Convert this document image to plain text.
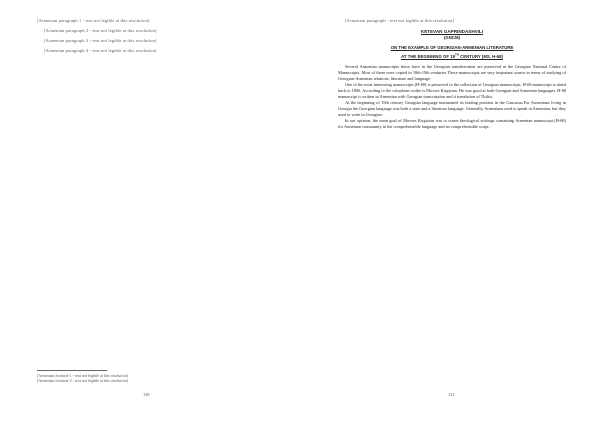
[Armenian paragraph 1 - text not legible at this resolution]

[Armenian paragraph 2 - text not legible at this resolution]

[Armenian paragraph 3 - text not legible at this resolution]

[Armenian paragraph 4 - text not legible at this resolution]

[Armenian footnote 1 - text not legible at this resolution]
[Armenian footnote 2 - text not legible at this resolution]
110

[Armenian paragraph - text not legible at this resolution]

KETEVAN GAPRINDASHVILI
(GNCM)
ON THE EXAMPLE OF GEORGIAN-ARMENIAN LITERATURE
AT THE BEGINNING OF 19TH CENTURY (MS. H-68)

Several Armenian manuscripts these have in the Georgian transliteration are preserved at the Georgian National Centre of Manuscripts. Most of them were copied in 18th-19th centuries.These manuscripts are very important source in terms of studying of Georgian-Armenian relations: literature and language.

One of the most interesting manuscripts (H-68) is preserved in the collection of Georgian manuscripts. H-68 manuscript is dated back to 1806. According to the colophons scribe is Movses Kirgizian. He was good at both Georgian and Armenian languages. H-68 manuscript is written in Armenian with Georgian transcription and it translation of Tbilisi.

At the beginning of 19th century Georgian language maintained its leading position in the Caucasus.For Armenians living in Georgia the Georgian language was both a state and a literature language. Generally, Armenians used to speak in Armenian, but they used to write in Georgian.

In our opinion, the main goal of Movses Kirgizian was to create theological writings containing Armenian manuscript (H-68) for Armenian community in the comprehensible language and an comprehensible script.

111
